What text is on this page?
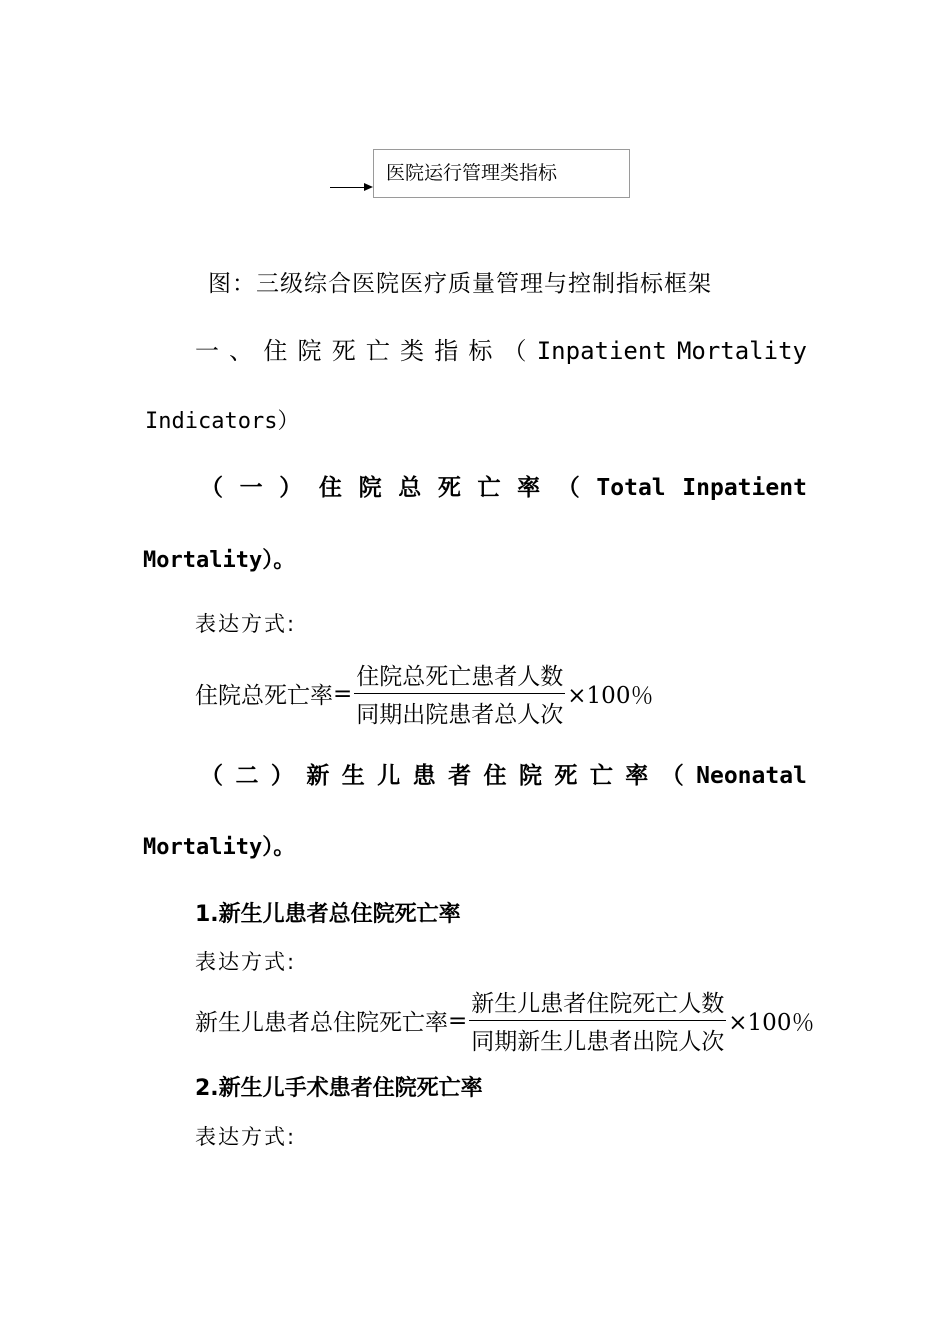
医院运行管理类指标
图：三级综合医院医疗质量管理与控制指标框架
一 、 住 院 死 亡 类 指 标 （ Inpatient Mortality
Indicators）
（ 一 ） 住 院 总 死 亡 率 （ Total Inpatient
Mortality）。
表达方式:
住院总死亡率 = $\frac{\text{住院总死亡患者人数}}{\text{同期出院患者总人次}} \times 100$％
（ 二 ） 新 生 儿 患 者 住 院 死 亡 率 （ Neonatal
Mortality）。
1.新生儿患者总住院死亡率
表达方式:
新生儿患者总住院死亡率 = $\frac{\text{新生儿患者住院死亡人数}}{\text{同期新生儿患者出院人次}} \times 100$％
2.新生儿手术患者住院死亡率
表达方式:
